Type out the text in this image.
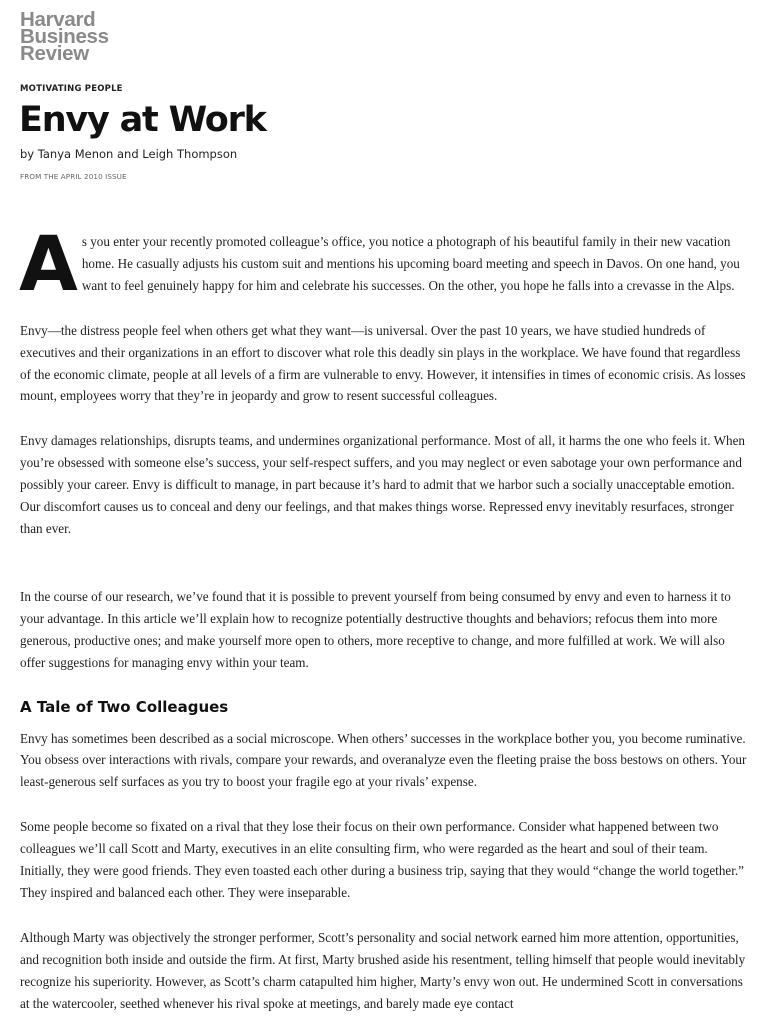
Harvard
Business
Review
MOTIVATING PEOPLE
Envy at Work
by Tanya Menon and Leigh Thompson
FROM THE APRIL 2010 ISSUE

As you enter your recently promoted colleague’s office, you notice a photograph of his beautiful family in their new vacation home. He casually adjusts his custom suit and mentions his upcoming board meeting and speech in Davos. On one hand, you want to feel genuinely happy for him and celebrate his successes. On the other, you hope he falls into a crevasse in the Alps.

Envy—the distress people feel when others get what they want—is universal. Over the past 10 years, we have studied hundreds of executives and their organizations in an effort to discover what role this deadly sin plays in the workplace. We have found that regardless of the economic climate, people at all levels of a firm are vulnerable to envy. However, it intensifies in times of economic crisis. As losses mount, employees worry that they’re in jeopardy and grow to resent successful colleagues.

Envy damages relationships, disrupts teams, and undermines organizational performance. Most of all, it harms the one who feels it. When you’re obsessed with someone else’s success, your self-respect suffers, and you may neglect or even sabotage your own performance and possibly your career. Envy is difficult to manage, in part because it’s hard to admit that we harbor such a socially unacceptable emotion. Our discomfort causes us to conceal and deny our feelings, and that makes things worse. Repressed envy inevitably resurfaces, stronger than ever.

In the course of our research, we’ve found that it is possible to prevent yourself from being consumed by envy and even to harness it to your advantage. In this article we’ll explain how to recognize potentially destructive thoughts and behaviors; refocus them into more generous, productive ones; and make yourself more open to others, more receptive to change, and more fulfilled at work. We will also offer suggestions for managing envy within your team.

A Tale of Two Colleagues

Envy has sometimes been described as a social microscope. When others’ successes in the workplace bother you, you become ruminative. You obsess over interactions with rivals, compare your rewards, and overanalyze even the fleeting praise the boss bestows on others. Your least-generous self surfaces as you try to boost your fragile ego at your rivals’ expense.

Some people become so fixated on a rival that they lose their focus on their own performance. Consider what happened between two colleagues we’ll call Scott and Marty, executives in an elite consulting firm, who were regarded as the heart and soul of their team. Initially, they were good friends. They even toasted each other during a business trip, saying that they would “change the world together.” They inspired and balanced each other. They were inseparable.

Although Marty was objectively the stronger performer, Scott’s personality and social network earned him more attention, opportunities, and recognition both inside and outside the firm. At first, Marty brushed aside his resentment, telling himself that people would inevitably recognize his superiority. However, as Scott’s charm catapulted him higher, Marty’s envy won out. He undermined Scott in conversations at the watercooler, seethed whenever his rival spoke at meetings, and barely made eye contact
